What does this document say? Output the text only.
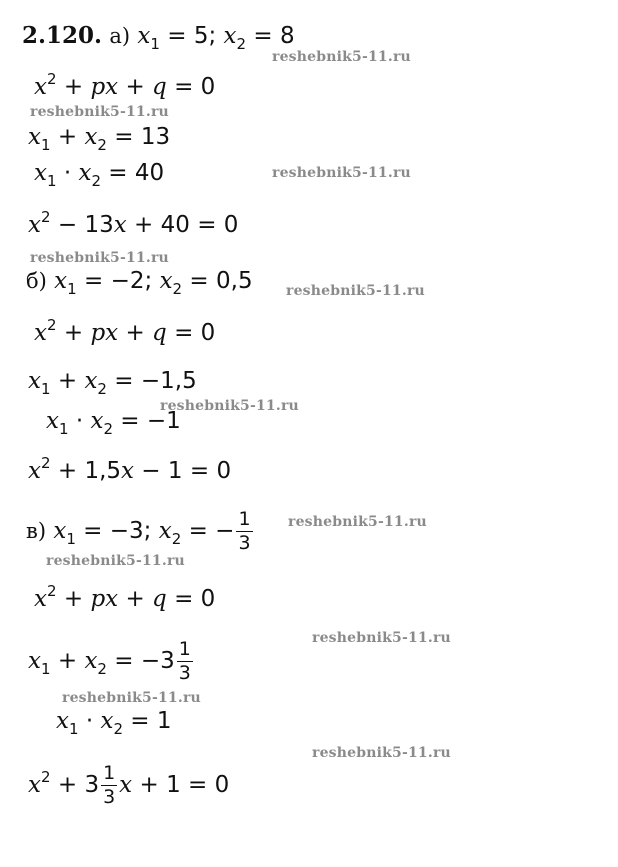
2.120. а) $x_1 = 5$; $x_2 = 8$
$x^2$ + px + q = 0
$x_1 + x_2 = 13$
$x_1 \cdot x_2 = 40$
$x^2 - 13x + 40 = 0$
б) $x_1 = -2$; $x_2 = 0,5$
$x^2$ + px + q = 0
$x_1 + x_2 = -1,5$
$x_1 \cdot x_2 = -1$
$x^2 + 1,5x - 1 = 0$
в) $x_1 = -3$; $x_2$ = − $\frac{1}{3}$
$x^2$ + px + q = 0
$x_1 + x_2 = -3 \frac{1}{3}$
$x_1 \cdot x_2 = 1$
$x^2 + 3 \frac{1}{3}$ x + 1 = 0
reshebnik5-11.ru
reshebnik5-11.ru
reshebnik5-11.ru
reshebnik5-11.ru
reshebnik5-11.ru
reshebnik5-11.ru
reshebnik5-11.ru
reshebnik5-11.ru
reshebnik5-11.ru
reshebnik5-11.ru
reshebnik5-11.ru
